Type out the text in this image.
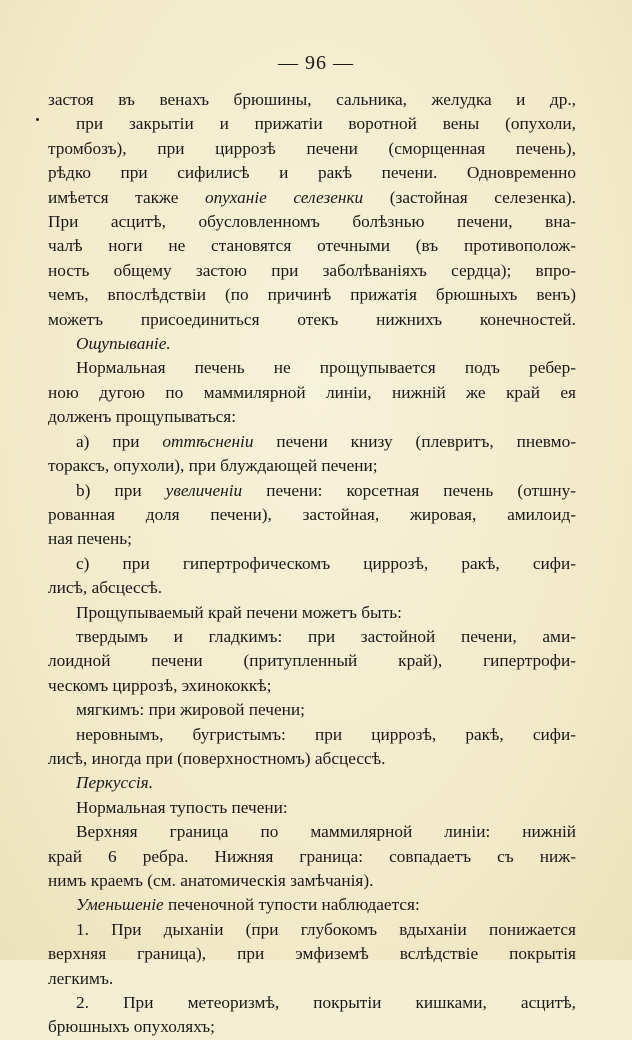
— 96 —
застоя въ венахъ брюшины, сальника, желудка и др.,
при закрытіи и прижатіи воротной вены (опухоли,
тромбозъ), при циррозѣ печени (сморщенная печень),
рѣдко при сифилисѣ и ракѣ печени. Одновременно
имѣется также опуханіе селезенки (застойная селезенка).
При асцитѣ, обусловленномъ болѣзнью печени, вна-
чалѣ ноги не становятся отечными (въ противополож-
ность общему застою при заболѣваніяхъ сердца); впро-
чемъ, впослѣдствіи (по причинѣ прижатія брюшныхъ венъ)
можетъ присоединиться отекъ нижнихъ конечностей.
Ощупываніе.
Нормальная печень не прощупывается подъ ребер-
ною дугою по маммилярной линіи, нижній же край ея
долженъ прощупываться:
а) при оттѣсненіи печени книзу (плевритъ, пневмо-
тораксъ, опухоли), при блуждающей печени;
b) при увеличеніи печени: корсетная печень (отшну-
рованная доля печени), застойная, жировая, амилоид-
ная печень;
c) при гипертрофическомъ циррозѣ, ракѣ, сифи-
лисѣ, абсцессѣ.
Прощупываемый край печени можетъ быть:
твердымъ и гладкимъ: при застойной печени, ами-
лоидной печени (притупленный край), гипертрофи-
ческомъ циррозѣ, эхинококкѣ;
мягкимъ: при жировой печени;
неровнымъ, бугристымъ: при циррозѣ, ракѣ, сифи-
лисѣ, иногда при (поверхностномъ) абсцессѣ.
Перкуссія.
Нормальная тупость печени:
Верхняя граница по маммилярной линіи: нижній
край 6 ребра. Нижняя граница: совпадаетъ съ ниж-
нимъ краемъ (см. анатомическія замѣчанія).
Уменьшеніе печеночной тупости наблюдается:
1. При дыханіи (при глубокомъ вдыханіи понижается
верхняя граница), при эмфиземѣ вслѣдствіе покрытія
легкимъ.
2. При метеоризмѣ, покрытіи кишками, асцитѣ,
брюшныхъ опухоляхъ;
